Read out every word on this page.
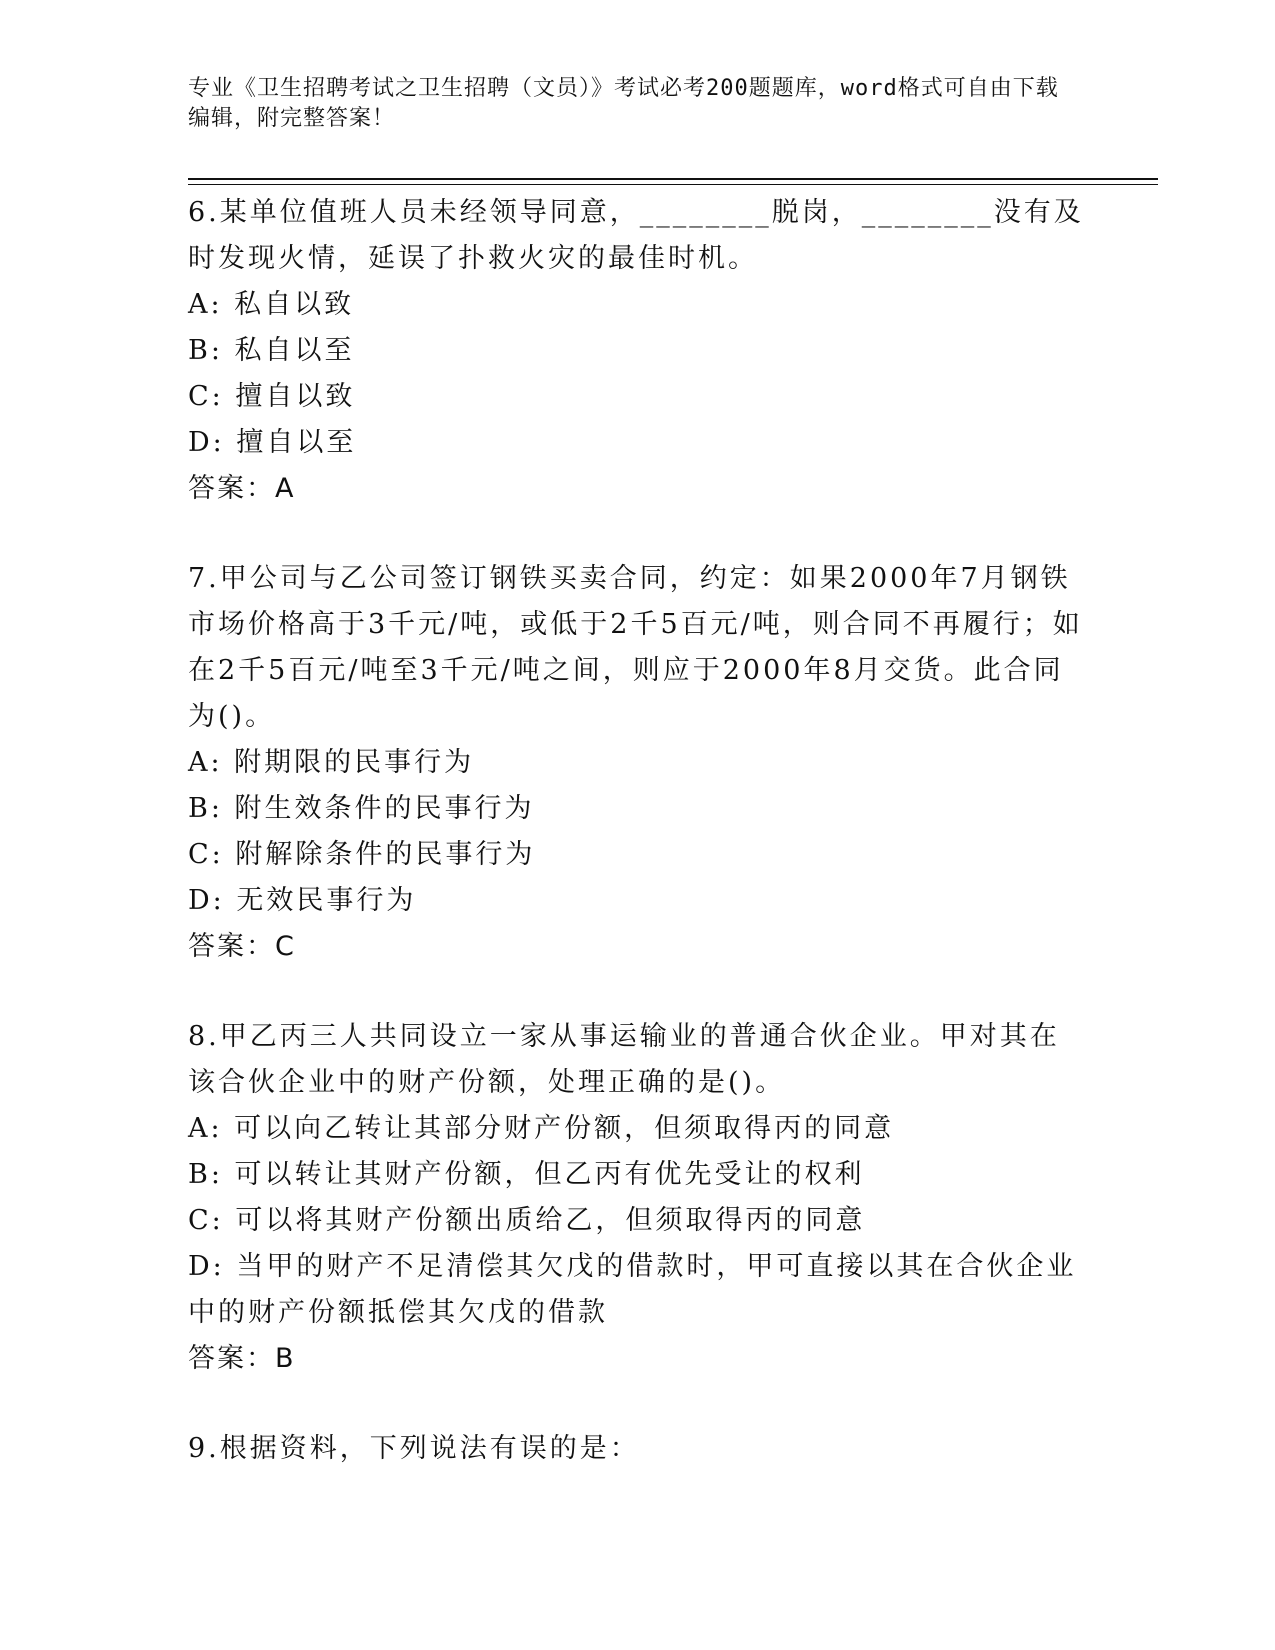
专业《卫生招聘考试之卫生招聘（文员）》考试必考200题题库，word格式可自由下载编辑，附完整答案！
6.某单位值班人员未经领导同意，________脱岗，________没有及时发现火情，延误了扑救火灾的最佳时机。
A: 私自以致
B: 私自以至
C: 擅自以致
D: 擅自以至
答案：A
7.甲公司与乙公司签订钢铁买卖合同，约定：如果2000年7月钢铁市场价格高于3千元/吨，或低于2千5百元/吨，则合同不再履行；如在2千5百元/吨至3千元/吨之间，则应于2000年8月交货。此合同为()。
A: 附期限的民事行为
B: 附生效条件的民事行为
C: 附解除条件的民事行为
D: 无效民事行为
答案：C
8.甲乙丙三人共同设立一家从事运输业的普通合伙企业。甲对其在该合伙企业中的财产份额，处理正确的是()。
A: 可以向乙转让其部分财产份额，但须取得丙的同意
B: 可以转让其财产份额，但乙丙有优先受让的权利
C: 可以将其财产份额出质给乙，但须取得丙的同意
D: 当甲的财产不足清偿其欠戊的借款时，甲可直接以其在合伙企业中的财产份额抵偿其欠戊的借款
答案：B
9.根据资料，下列说法有误的是：
